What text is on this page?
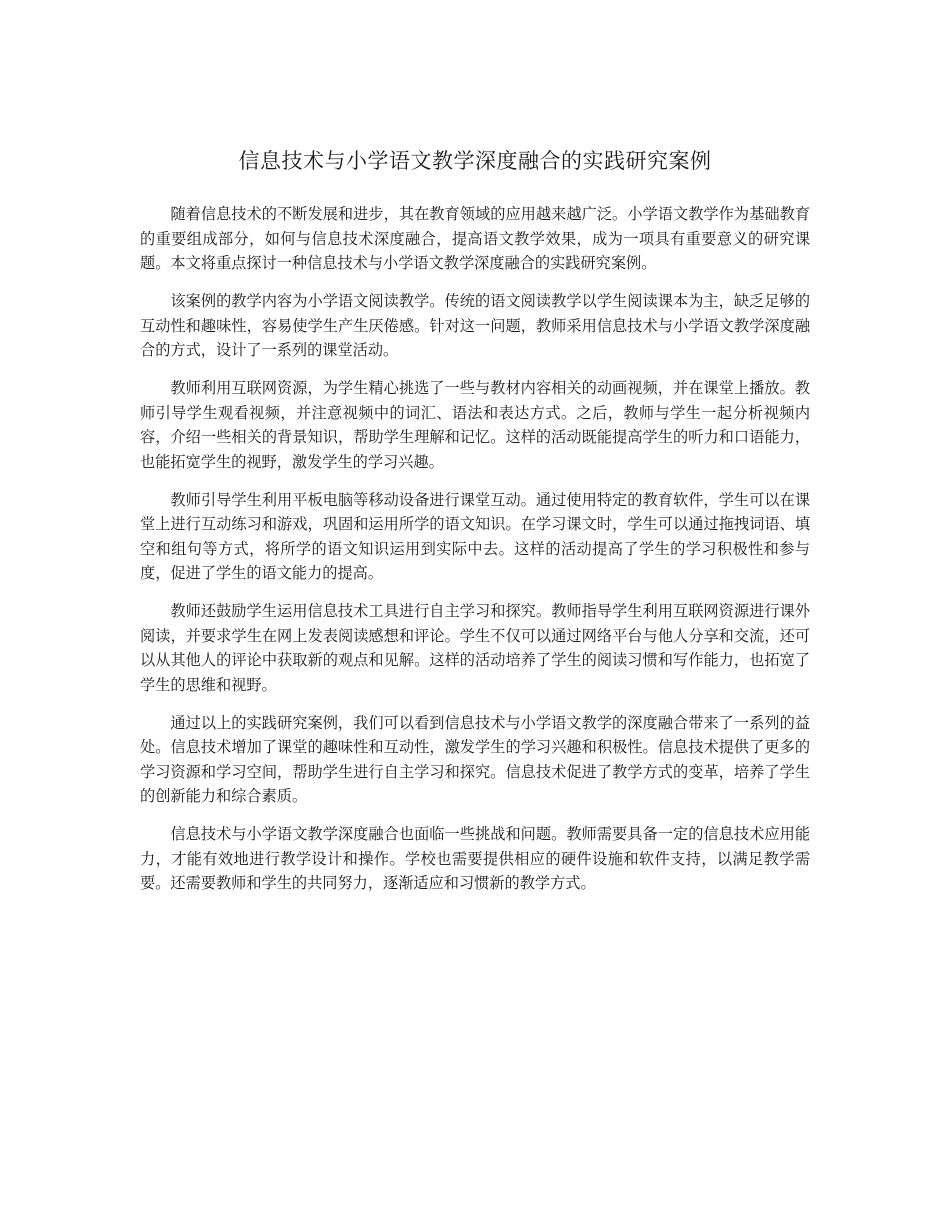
信息技术与小学语文教学深度融合的实践研究案例

随着信息技术的不断发展和进步，其在教育领域的应用越来越广泛。小学语文教学作为基础教育的重要组成部分，如何与信息技术深度融合，提高语文教学效果，成为一项具有重要意义的研究课题。本文将重点探讨一种信息技术与小学语文教学深度融合的实践研究案例。

该案例的教学内容为小学语文阅读教学。传统的语文阅读教学以学生阅读课本为主，缺乏足够的互动性和趣味性，容易使学生产生厌倦感。针对这一问题，教师采用信息技术与小学语文教学深度融合的方式，设计了一系列的课堂活动。

教师利用互联网资源，为学生精心挑选了一些与教材内容相关的动画视频，并在课堂上播放。教师引导学生观看视频，并注意视频中的词汇、语法和表达方式。之后，教师与学生一起分析视频内容，介绍一些相关的背景知识，帮助学生理解和记忆。这样的活动既能提高学生的听力和口语能力，也能拓宽学生的视野，激发学生的学习兴趣。

教师引导学生利用平板电脑等移动设备进行课堂互动。通过使用特定的教育软件，学生可以在课堂上进行互动练习和游戏，巩固和运用所学的语文知识。在学习课文时，学生可以通过拖拽词语、填空和组句等方式，将所学的语文知识运用到实际中去。这样的活动提高了学生的学习积极性和参与度，促进了学生的语文能力的提高。

教师还鼓励学生运用信息技术工具进行自主学习和探究。教师指导学生利用互联网资源进行课外阅读，并要求学生在网上发表阅读感想和评论。学生不仅可以通过网络平台与他人分享和交流，还可以从其他人的评论中获取新的观点和见解。这样的活动培养了学生的阅读习惯和写作能力，也拓宽了学生的思维和视野。

通过以上的实践研究案例，我们可以看到信息技术与小学语文教学的深度融合带来了一系列的益处。信息技术增加了课堂的趣味性和互动性，激发学生的学习兴趣和积极性。信息技术提供了更多的学习资源和学习空间，帮助学生进行自主学习和探究。信息技术促进了教学方式的变革，培养了学生的创新能力和综合素质。

信息技术与小学语文教学深度融合也面临一些挑战和问题。教师需要具备一定的信息技术应用能力，才能有效地进行教学设计和操作。学校也需要提供相应的硬件设施和软件支持，以满足教学需要。还需要教师和学生的共同努力，逐渐适应和习惯新的教学方式。
